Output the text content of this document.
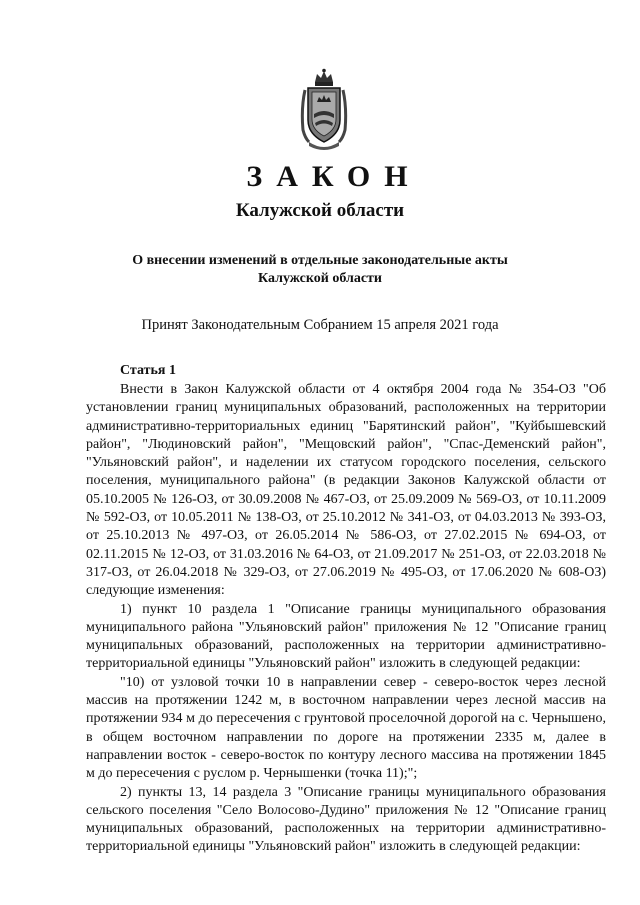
ЗАКОН
Калужской области
О внесении изменений в отдельные законодательные акты
Калужской области
Принят Законодательным Собранием 15 апреля 2021 года
Статья 1

Внести в Закон Калужской области от 4 октября 2004 года № 354-ОЗ "Об установлении границ муниципальных образований, расположенных на территории административно-территориальных единиц "Барятинский район", "Куйбышевский район", "Людиновский район", "Мещовский район", "Спас-Деменский район", "Ульяновский район", и наделении их статусом городского поселения, сельского поселения, муниципального района" (в редакции Законов Калужской области от 05.10.2005 № 126-ОЗ, от 30.09.2008 № 467-ОЗ, от 25.09.2009 № 569-ОЗ, от 10.11.2009 № 592-ОЗ, от 10.05.2011 № 138-ОЗ, от 25.10.2012 № 341-ОЗ, от 04.03.2013 № 393-ОЗ, от 25.10.2013 № 497-ОЗ, от 26.05.2014 № 586-ОЗ, от 27.02.2015 № 694-ОЗ, от 02.11.2015 № 12-ОЗ, от 31.03.2016 № 64-ОЗ, от 21.09.2017 № 251-ОЗ, от 22.03.2018 № 317-ОЗ, от 26.04.2018 № 329-ОЗ, от 27.06.2019 № 495-ОЗ, от 17.06.2020 № 608-ОЗ) следующие изменения:

1) пункт 10 раздела 1 "Описание границы муниципального образования муниципального района "Ульяновский район" приложения № 12 "Описание границ муниципальных образований, расположенных на территории административно-территориальной единицы "Ульяновский район" изложить в следующей редакции:

"10) от узловой точки 10 в направлении север - северо-восток через лесной массив на протяжении 1242 м, в восточном направлении через лесной массив на протяжении 934 м до пересечения с грунтовой проселочной дорогой на с. Чернышено, в общем восточном направлении по дороге на протяжении 2335 м, далее в направлении восток - северо-восток по контуру лесного массива на протяжении 1845 м до пересечения с руслом р. Чернышенки (точка 11);";

2) пункты 13, 14 раздела 3 "Описание границы муниципального образования сельского поселения "Село Волосово-Дудино" приложения № 12 "Описание границ муниципальных образований, расположенных на территории административно-территориальной единицы "Ульяновский район" изложить в следующей редакции:
